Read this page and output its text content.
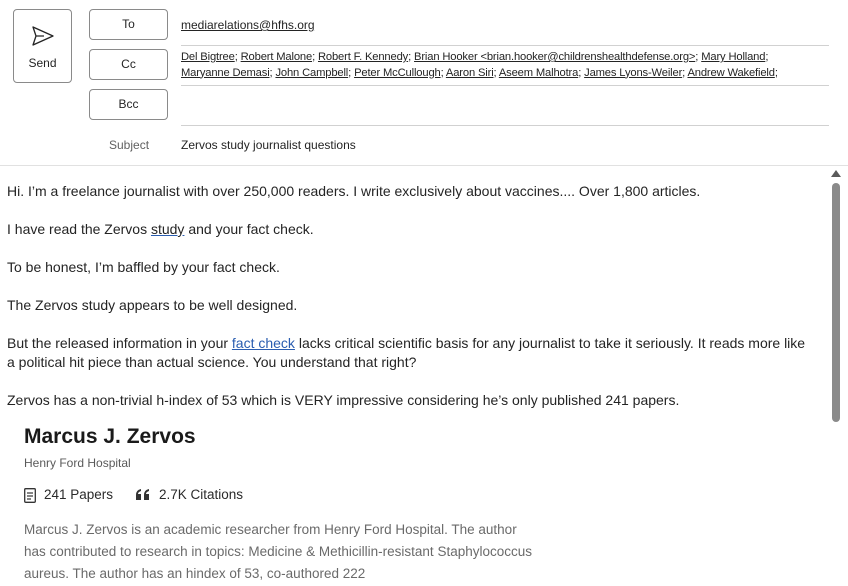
Send
To
Cc
Bcc
mediarelations@hfhs.org
Del Bigtree; Robert Malone; Robert F. Kennedy; Brian Hooker <brian.hooker@childrenshealthdefense.org>; Mary Holland;
Maryanne Demasi; John Campbell; Peter McCullough; Aaron Siri; Aseem Malhotra; James Lyons-Weiler; Andrew Wakefield;
Subject	Zervos study journalist questions
Hi. I’m a freelance journalist with over 250,000 readers. I write exclusively about vaccines.... Over 1,800 articles.
I have read the Zervos study and your fact check.
To be honest, I’m baffled by your fact check.
The Zervos study appears to be well designed.
But the released information in your fact check lacks critical scientific basis for any journalist to take it seriously. It reads more like a political hit piece than actual science. You understand that right?
Zervos has a non-trivial h-index of 53 which is VERY impressive considering he’s only published 241 papers.
Marcus J. Zervos
Henry Ford Hospital
241 Papers	2.7K Citations
Marcus J. Zervos is an academic researcher from Henry Ford Hospital. The author has contributed to research in topics: Medicine & Methicillin-resistant Staphylococcus aureus. The author has an hindex of 53, co-authored 222
